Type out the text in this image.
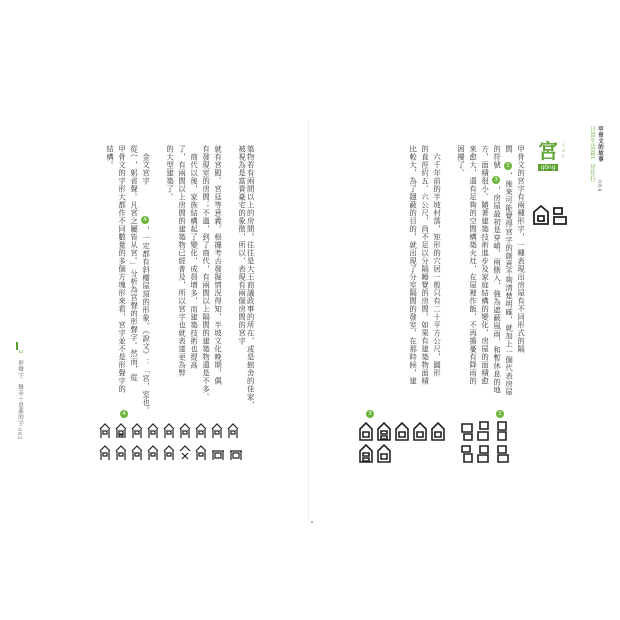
2
形聲字：聲旁＋意義的字
062
築物若有兩間以上的房間，往往是大王商議政事的所在，或是館舍的佳家，被視為是富貴豪宅的象徵，所以，表現有兩個房間的宮字
就有宮殿、宮廷等意義。根據考古發掘情況得知，半坡文化晚期，偶
有發現室的房間；不過，到了商代，有兩間以上隔間的建築物還是不多。
商代以後，家族結構起了變化，成員增多，而建築技術也提高
了，有兩間以上房間的建築物已經普及，所以宮字也就表達更為弊
的大型建築了。
金文宮字
4
，一定都有斜樓屋頂的形象。《說文》：「宮，室也。
從宀，躬省聲。凡宮之屬皆从宮。」分析為宮聲的形聲字。然而，從
甲骨文的字形大都作不同數量的多個方塊形來看，宮字並不是形聲字的
結構。
4
甲骨文的故事
日常生活篇1
居住行
064
宮 ㄍㄨㄥ
gōng
甲骨文的宮字有兩種形字，一種表現出房屋有不同形式的隔
間
2
，後來可能覺得宮字的創意不夠清楚明確，就加上一個代表房屋
的符號
3
，房屋最初是穿峭、兩側入，強為遮蔽風雨，和暫休息的地
方，面積很小。隨著建築技術進步及家庭結構的變化，房屋的面積愈
來愈大，還有足夠的空間構築火灶，在屋裡作飯，不再擔憂有降雨的
困擾了。
六千年前的半坡村落，矩形的穴居一般只有二十平方公尺，圓形
的直徑約五、六公尺，尚不足以分隔睡覺的房間。如果有建築物面積
比較大，為了隱蔽的目的，就出現了分室隔間的發室，在那時候，建
2
3
